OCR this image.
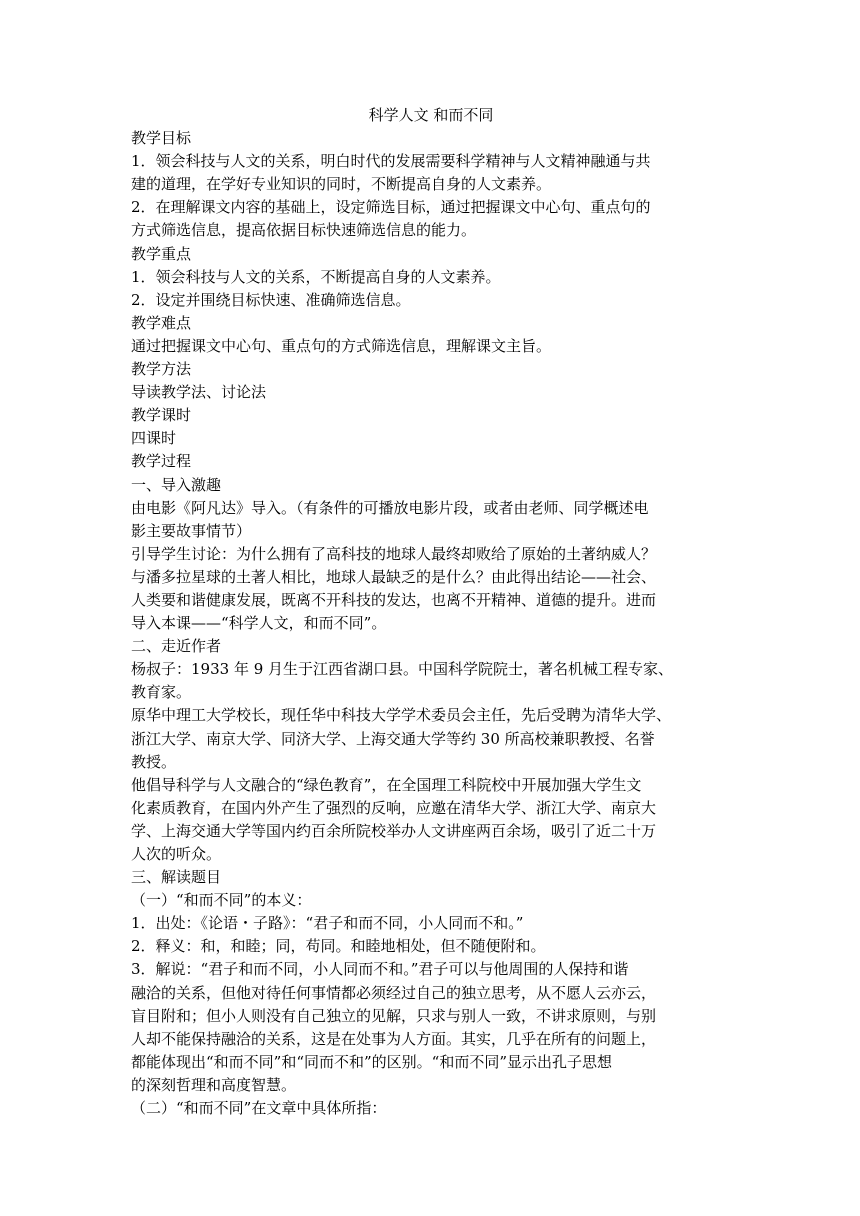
科学人文 和而不同

教学目标

1．领会科技与人文的关系，明白时代的发展需要科学精神与人文精神融通与共

建的道理，在学好专业知识的同时，不断提高自身的人文素养。

2．在理解课文内容的基础上，设定筛选目标，通过把握课文中心句、重点句的

方式筛选信息，提高依据目标快速筛选信息的能力。

教学重点

1．领会科技与人文的关系，不断提高自身的人文素养。

2．设定并围绕目标快速、准确筛选信息。

教学难点

通过把握课文中心句、重点句的方式筛选信息，理解课文主旨。

教学方法

导读教学法、讨论法

教学课时

四课时

教学过程

一、导入激趣

由电影《阿凡达》导入。（有条件的可播放电影片段，或者由老师、同学概述电

影主要故事情节）

引导学生讨论：为什么拥有了高科技的地球人最终却败给了原始的土著纳威人？

与潘多拉星球的土著人相比，地球人最缺乏的是什么？由此得出结论——社会、

人类要和谐健康发展，既离不开科技的发达，也离不开精神、道德的提升。进而

导入本课——“科学人文，和而不同”。

二、走近作者

杨叔子：1933 年 9 月生于江西省湖口县。中国科学院院士，著名机械工程专家、

教育家。

原华中理工大学校长，现任华中科技大学学术委员会主任，先后受聘为清华大学、

浙江大学、南京大学、同济大学、上海交通大学等约 30 所高校兼职教授、名誉

教授。

他倡导科学与人文融合的“绿色教育”，在全国理工科院校中开展加强大学生文

化素质教育，在国内外产生了强烈的反响，应邀在清华大学、浙江大学、南京大

学、上海交通大学等国内约百余所院校举办人文讲座两百余场，吸引了近二十万

人次的听众。

三、解读题目

（一）“和而不同”的本义：

1．出处：《论语・子路》：“君子和而不同，小人同而不和。”

2．释义：和，和睦；同，苟同。和睦地相处，但不随便附和。

3．解说：“君子和而不同，小人同而不和。”君子可以与他周围的人保持和谐

融洽的关系，但他对待任何事情都必须经过自己的独立思考，从不愿人云亦云，

盲目附和；但小人则没有自己独立的见解，只求与别人一致，不讲求原则，与别

人却不能保持融洽的关系，这是在处事为人方面。其实，几乎在所有的问题上，

都能体现出“和而不同”和“同而不和”的区别。“和而不同”显示出孔子思想

的深刻哲理和高度智慧。

（二）“和而不同”在文章中具体所指：
